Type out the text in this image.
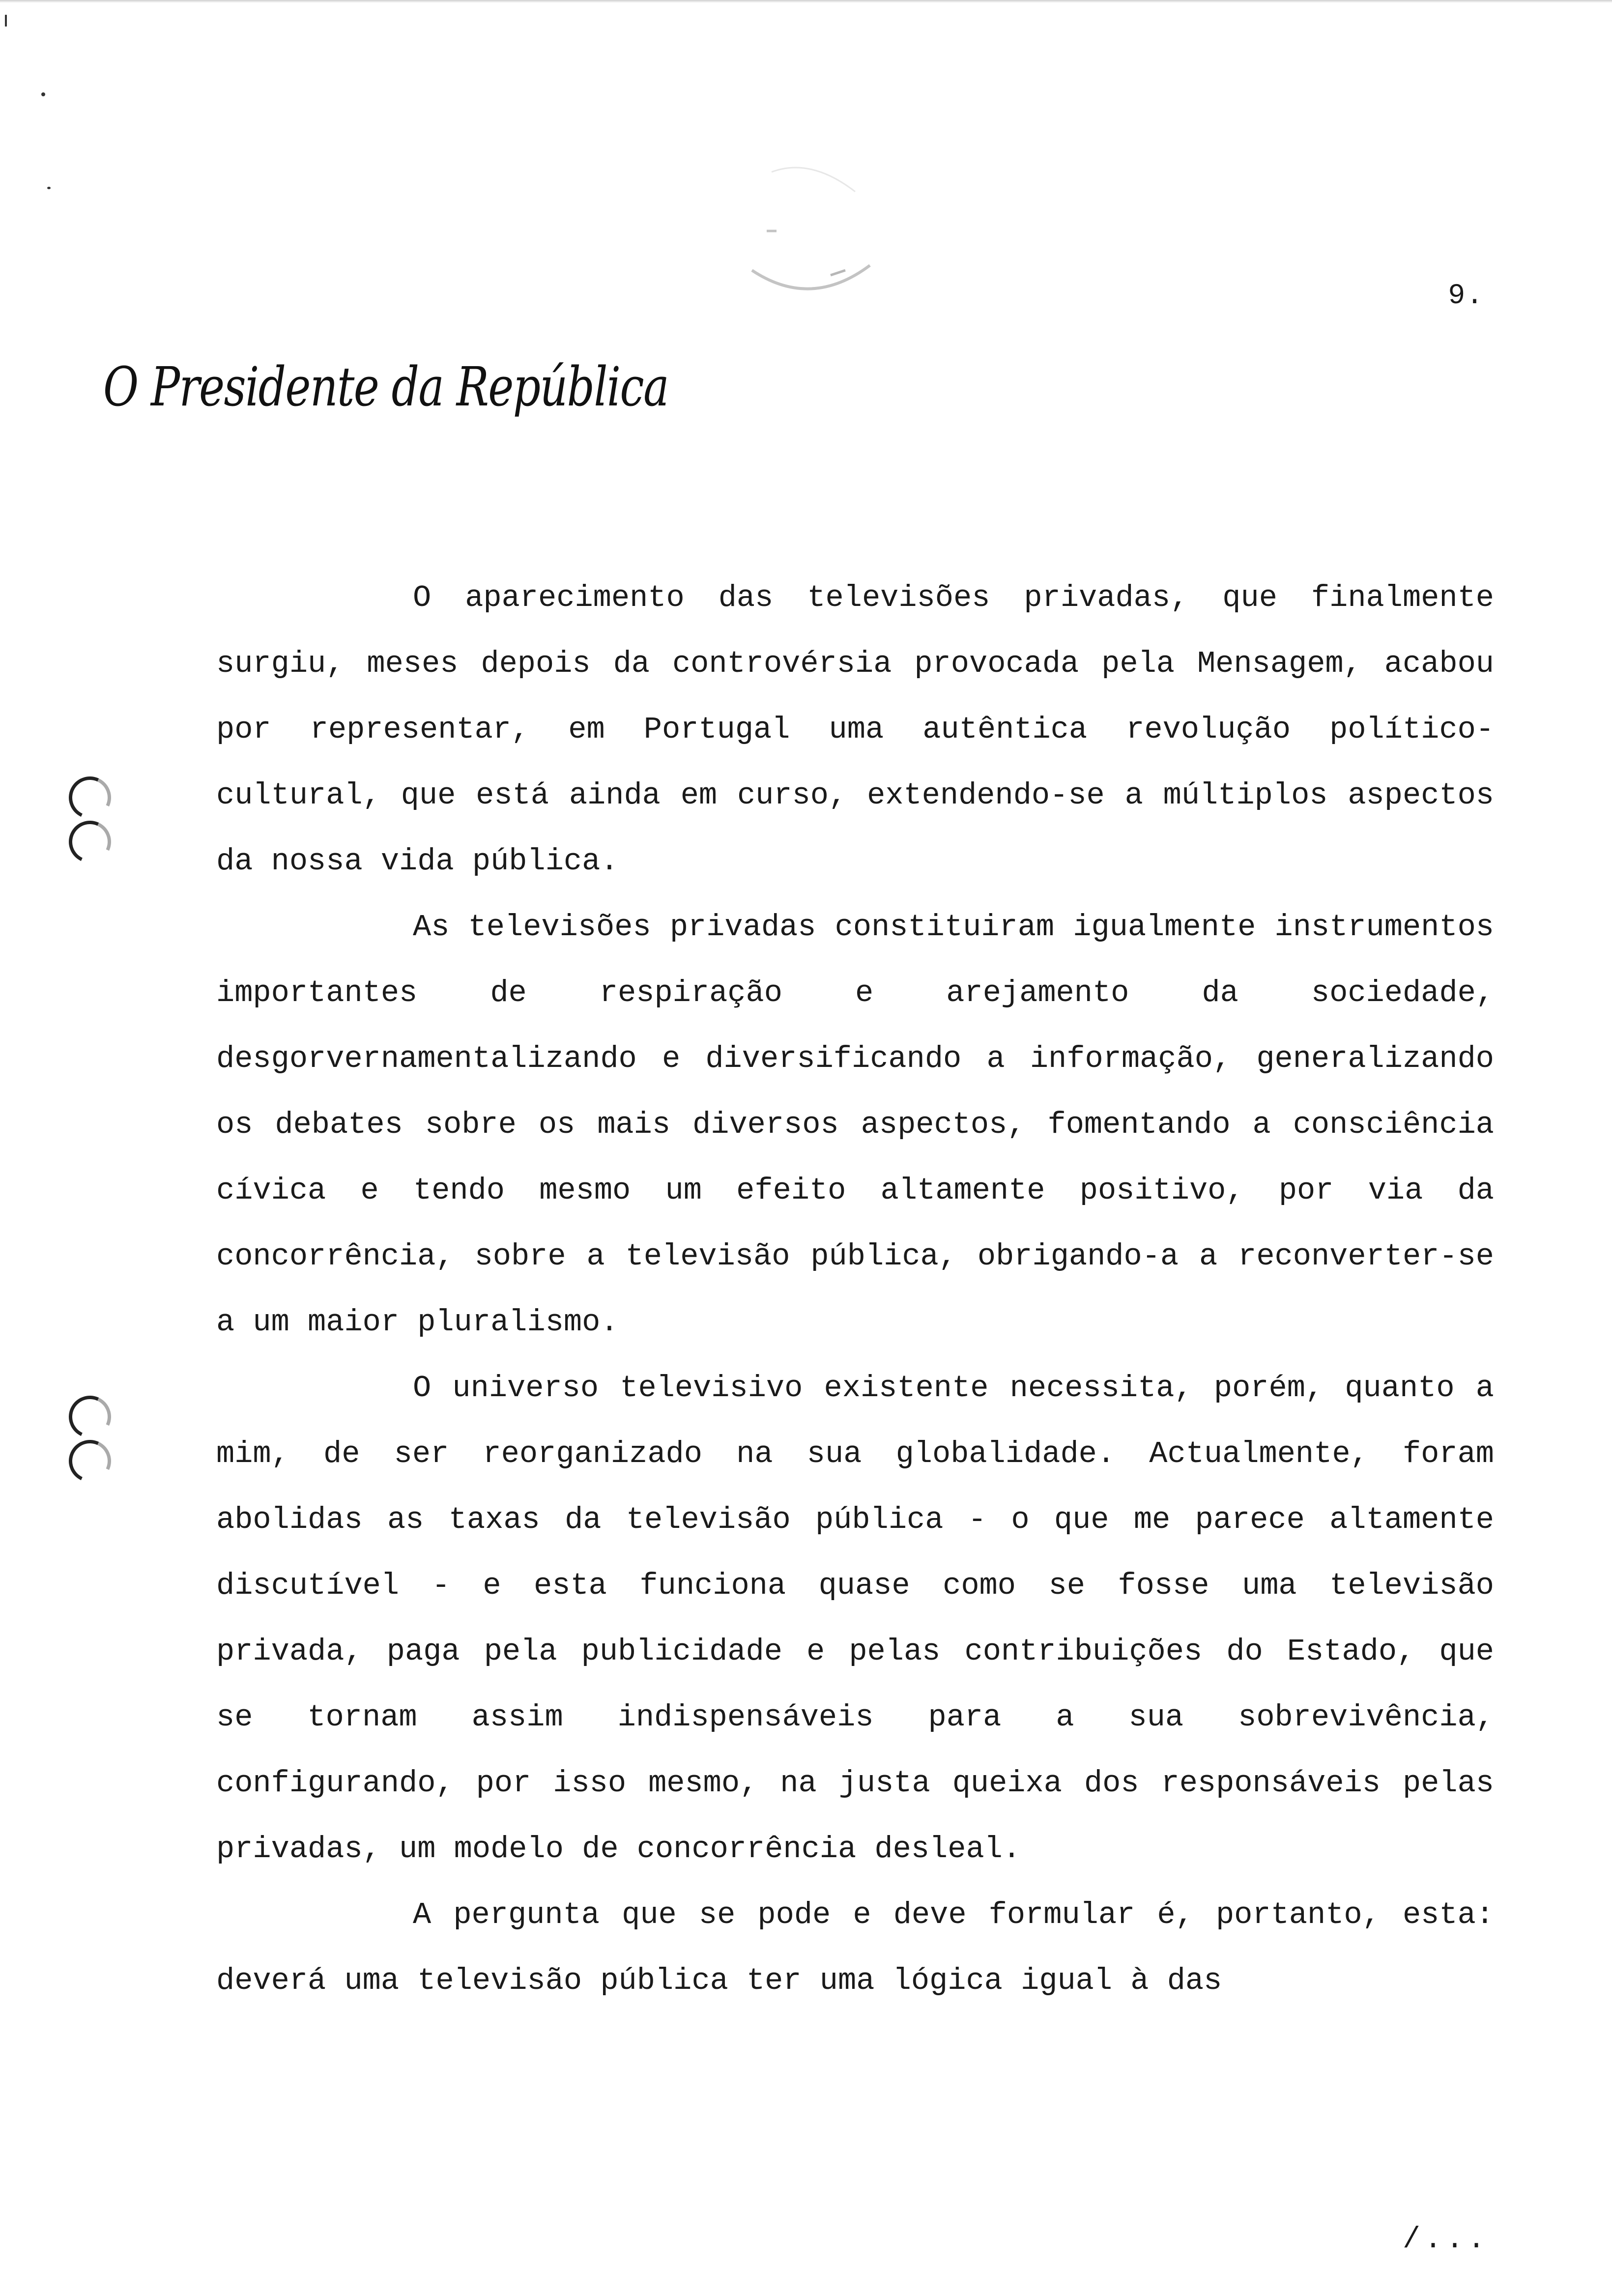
9.
O Presidente da República

O aparecimento das televisões privadas, que finalmente surgiu, meses depois da controvérsia provocada pela Mensagem, acabou por representar, em Portugal uma autêntica revolução político-cultural, que está ainda em curso, extendendo-se a múltiplos aspectos da nossa vida pública.

As televisões privadas constituiram igualmente instrumentos importantes de respiração e arejamento da sociedade, desgorvernamentalizando e diversificando a informação, generalizando os debates sobre os mais diversos aspectos, fomentando a consciência cívica e tendo mesmo um efeito altamente positivo, por via da concorrência, sobre a televisão pública, obrigando-a a reconverter-se a um maior pluralismo.

O universo televisivo existente necessita, porém, quanto a mim, de ser reorganizado na sua globalidade. Actualmente, foram abolidas as taxas da televisão pública - o que me parece altamente discutível - e esta funciona quase como se fosse uma televisão privada, paga pela publicidade e pelas contribuições do Estado, que se tornam assim indispensáveis para a sua sobrevivência, configurando, por isso mesmo, na justa queixa dos responsáveis pelas privadas, um modelo de concorrência desleal.

A pergunta que se pode e deve formular é, portanto, esta: deverá uma televisão pública ter uma lógica igual à das

/...
